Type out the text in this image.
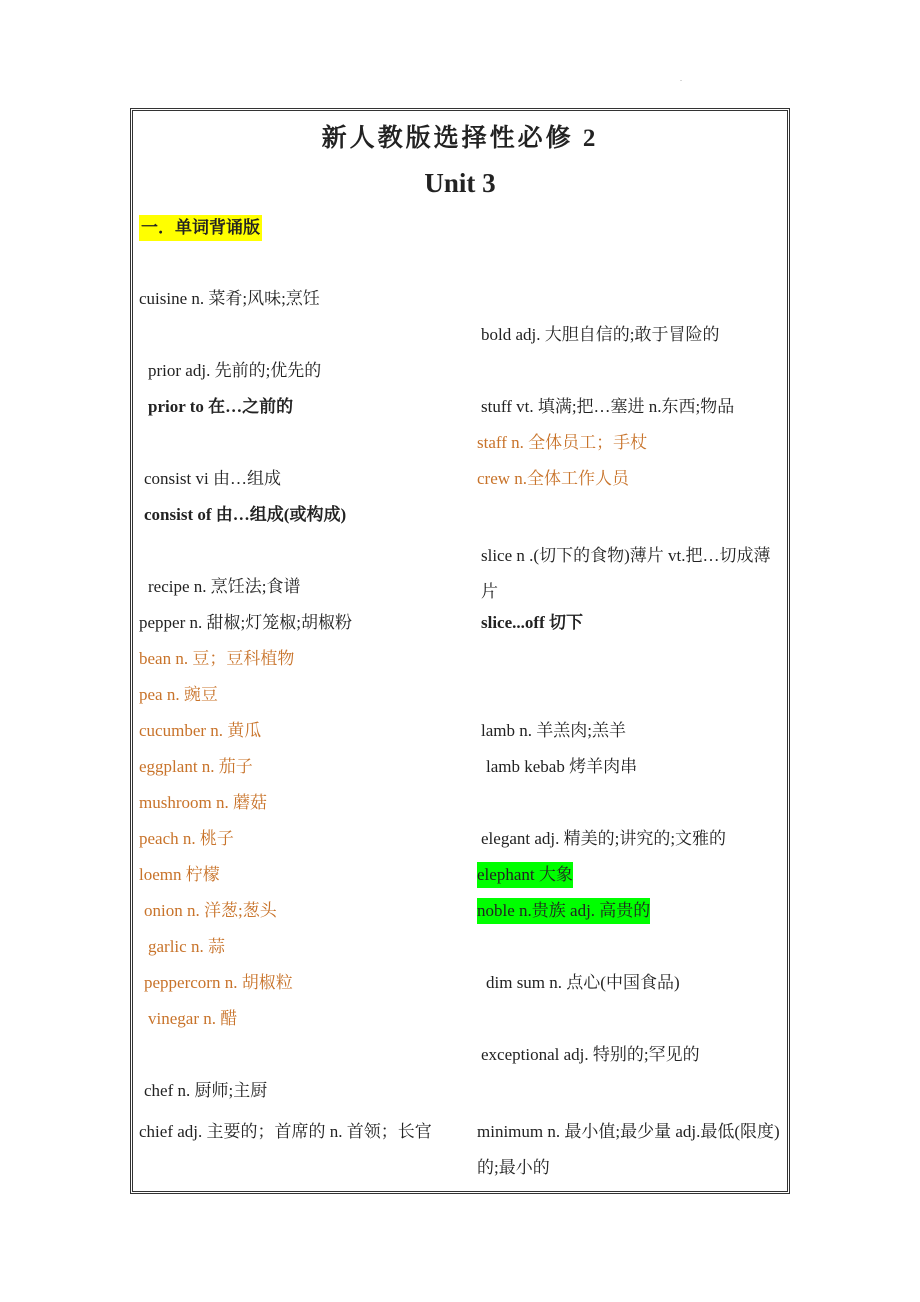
.
新人教版选择性必修 2
Unit 3
一．单词背诵版
cuisine n. 菜肴;风味;烹饪
prior adj. 先前的;优先的
prior to 在…之前的
consist vi 由…组成
consist of 由…组成(或构成)
recipe n. 烹饪法;食谱
pepper n. 甜椒;灯笼椒;胡椒粉
bean n. 豆；豆科植物
pea n. 豌豆
cucumber n. 黄瓜
eggplant n. 茄子
mushroom n. 蘑菇
peach n. 桃子
loemn 柠檬
onion n. 洋葱;葱头
garlic n. 蒜
peppercorn n. 胡椒粒
vinegar n. 醋
chef n. 厨师;主厨
chief adj. 主要的；首席的 n. 首领；长官
bold adj. 大胆自信的;敢于冒险的
stuff vt. 填满;把…塞进 n.东西;物品
staff n. 全体员工；手杖
crew n.全体工作人员
slice n .(切下的食物)薄片 vt.把…切成薄片
slice...off 切下
lamb n. 羊羔肉;羔羊
lamb kebab 烤羊肉串
elegant adj. 精美的;讲究的;文雅的
elephant 大象
noble n.贵族 adj. 高贵的
dim sum n. 点心(中国食品)
exceptional adj. 特别的;罕见的
minimum n. 最小值;最少量 adj.最低(限度)的;最小的
